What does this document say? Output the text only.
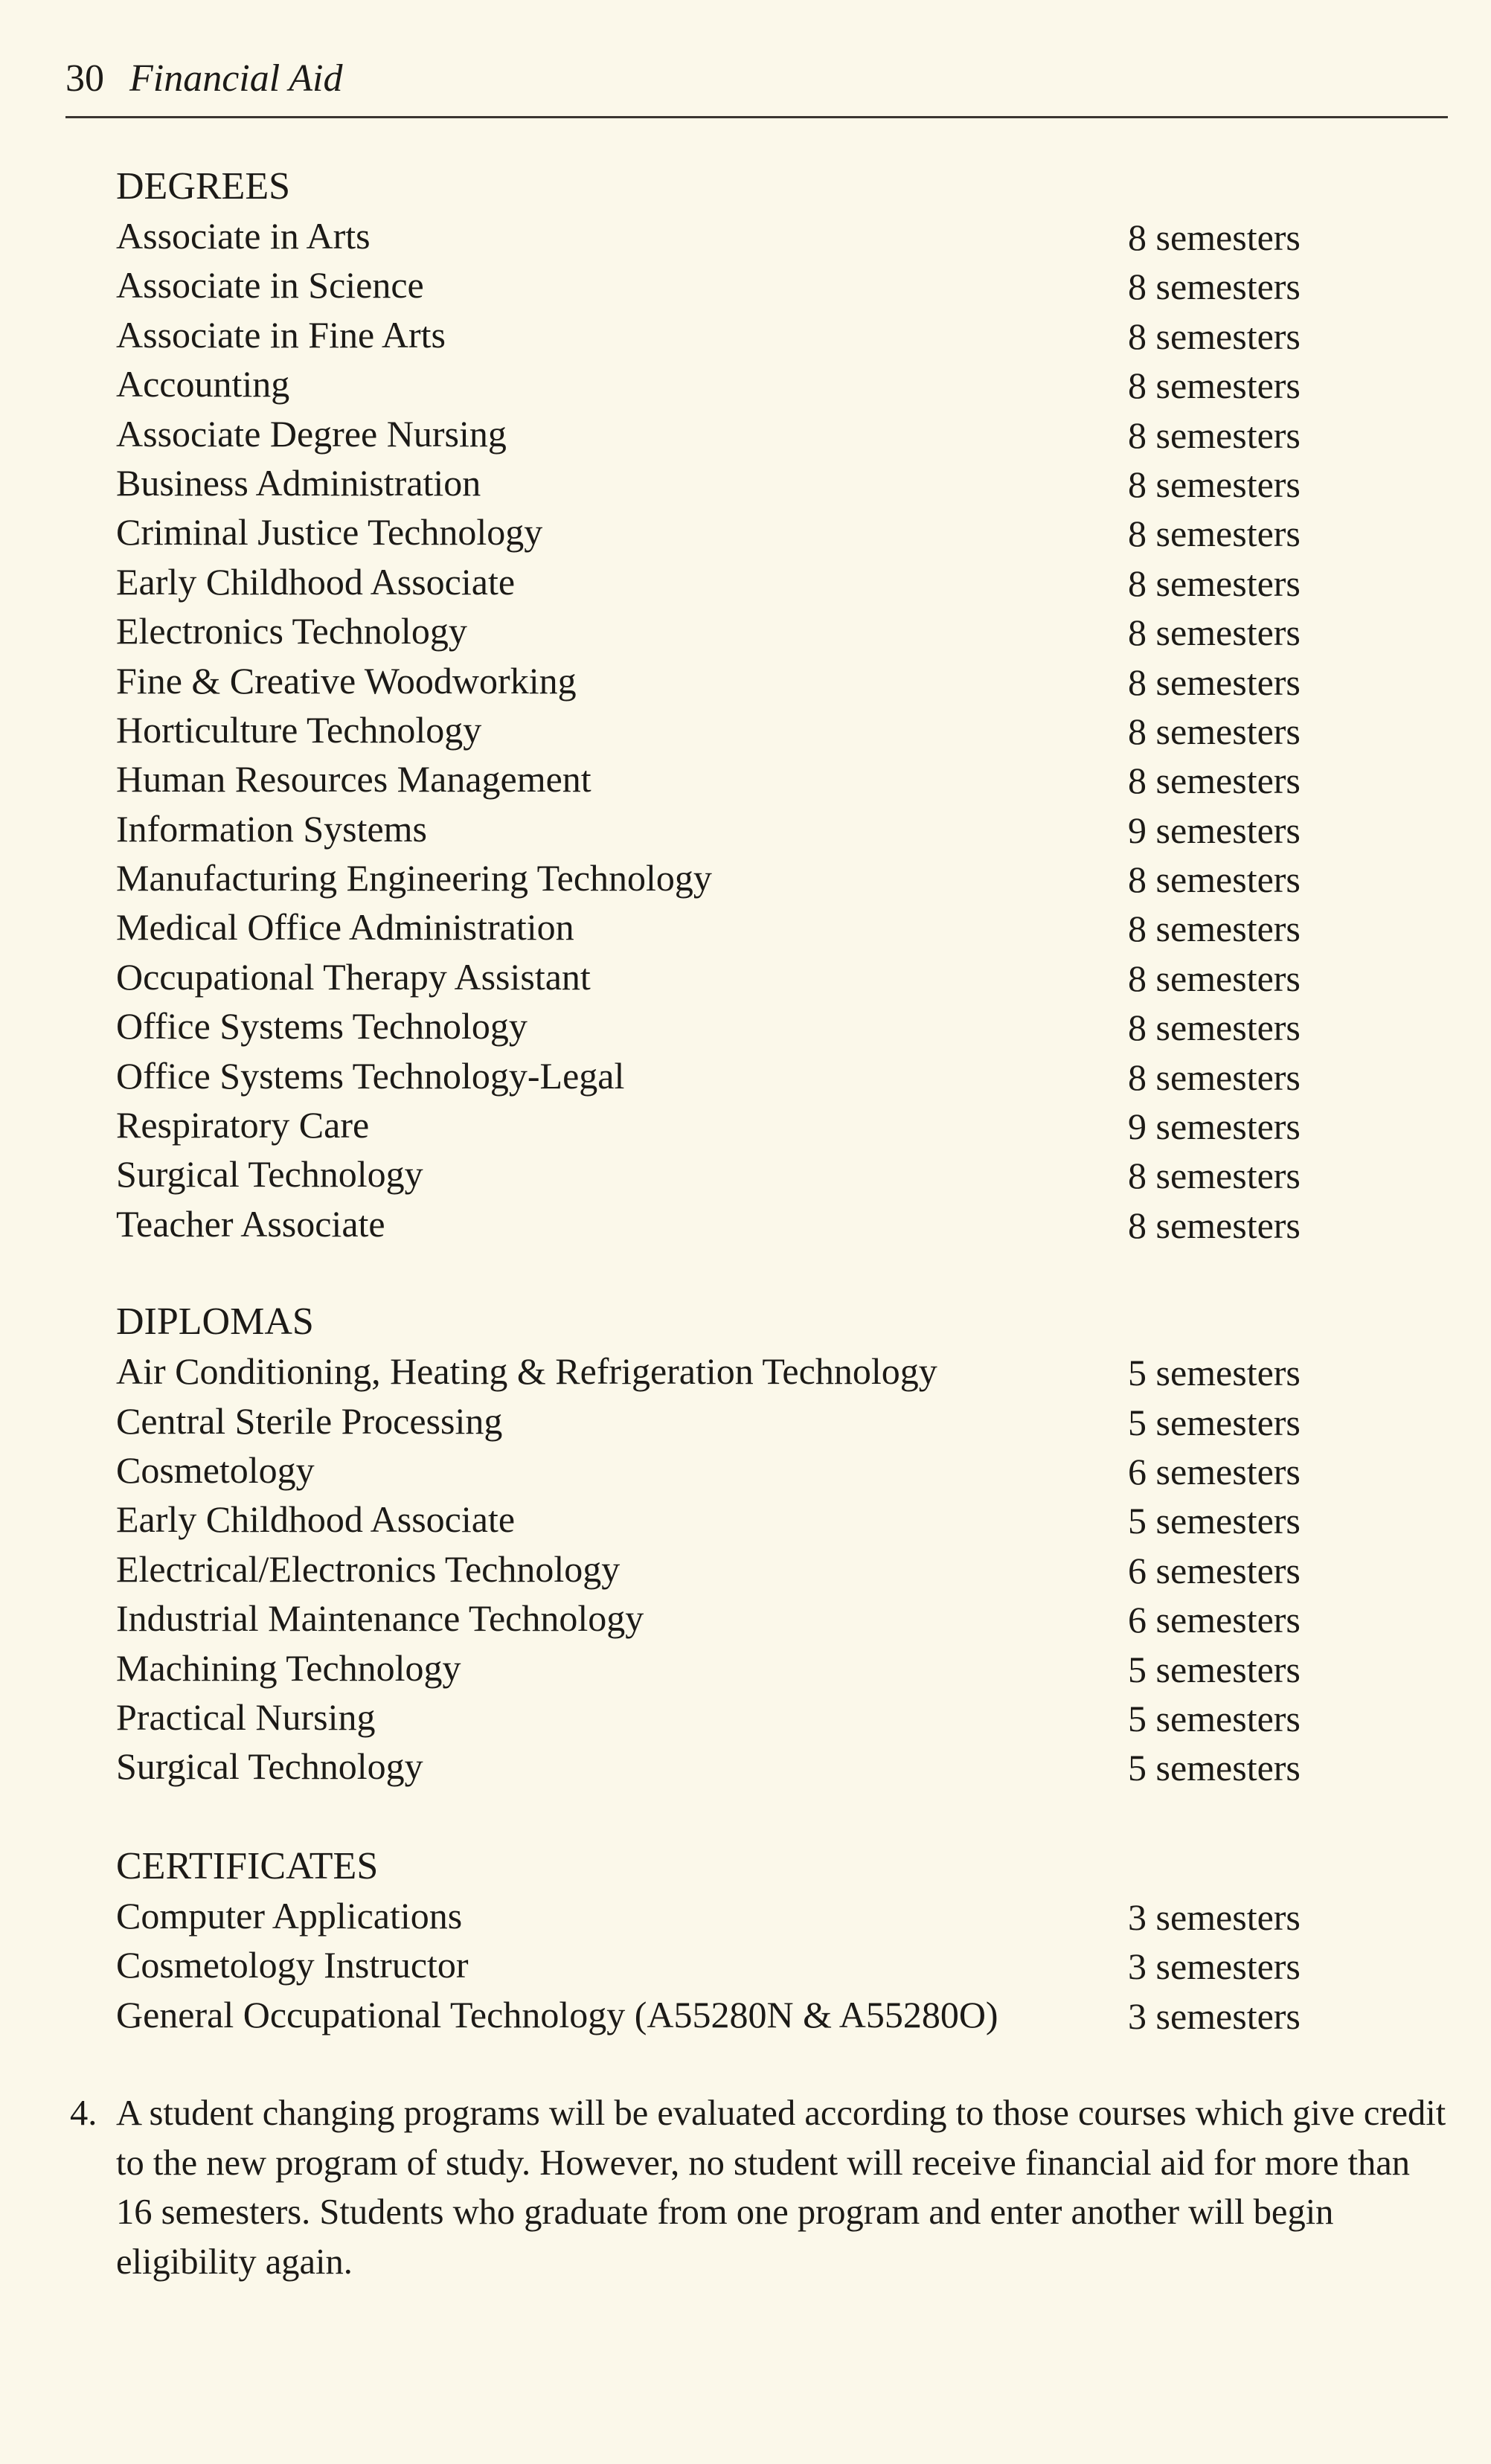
30 Financial Aid
DEGREES
Associate in Arts	8 semesters
Associate in Science	8 semesters
Associate in Fine Arts	8 semesters
Accounting	8 semesters
Associate Degree Nursing	8 semesters
Business Administration	8 semesters
Criminal Justice Technology	8 semesters
Early Childhood Associate	8 semesters
Electronics Technology	8 semesters
Fine & Creative Woodworking	8 semesters
Horticulture Technology	8 semesters
Human Resources Management	8 semesters
Information Systems	9 semesters
Manufacturing Engineering Technology	8 semesters
Medical Office Administration	8 semesters
Occupational Therapy Assistant	8 semesters
Office Systems Technology	8 semesters
Office Systems Technology-Legal	8 semesters
Respiratory Care	9 semesters
Surgical Technology	8 semesters
Teacher Associate	8 semesters
DIPLOMAS
Air Conditioning, Heating & Refrigeration Technology	5 semesters
Central Sterile Processing	5 semesters
Cosmetology	6 semesters
Early Childhood Associate	5 semesters
Electrical/Electronics Technology	6 semesters
Industrial Maintenance Technology	6 semesters
Machining Technology	5 semesters
Practical Nursing	5 semesters
Surgical Technology	5 semesters
CERTIFICATES
Computer Applications	3 semesters
Cosmetology Instructor	3 semesters
General Occupational Technology (A55280N & A55280O)	3 semesters
4. A student changing programs will be evaluated according to those courses which give credit to the new program of study. However, no student will receive financial aid for more than 16 semesters. Students who graduate from one program and enter another will begin eligibility again.
